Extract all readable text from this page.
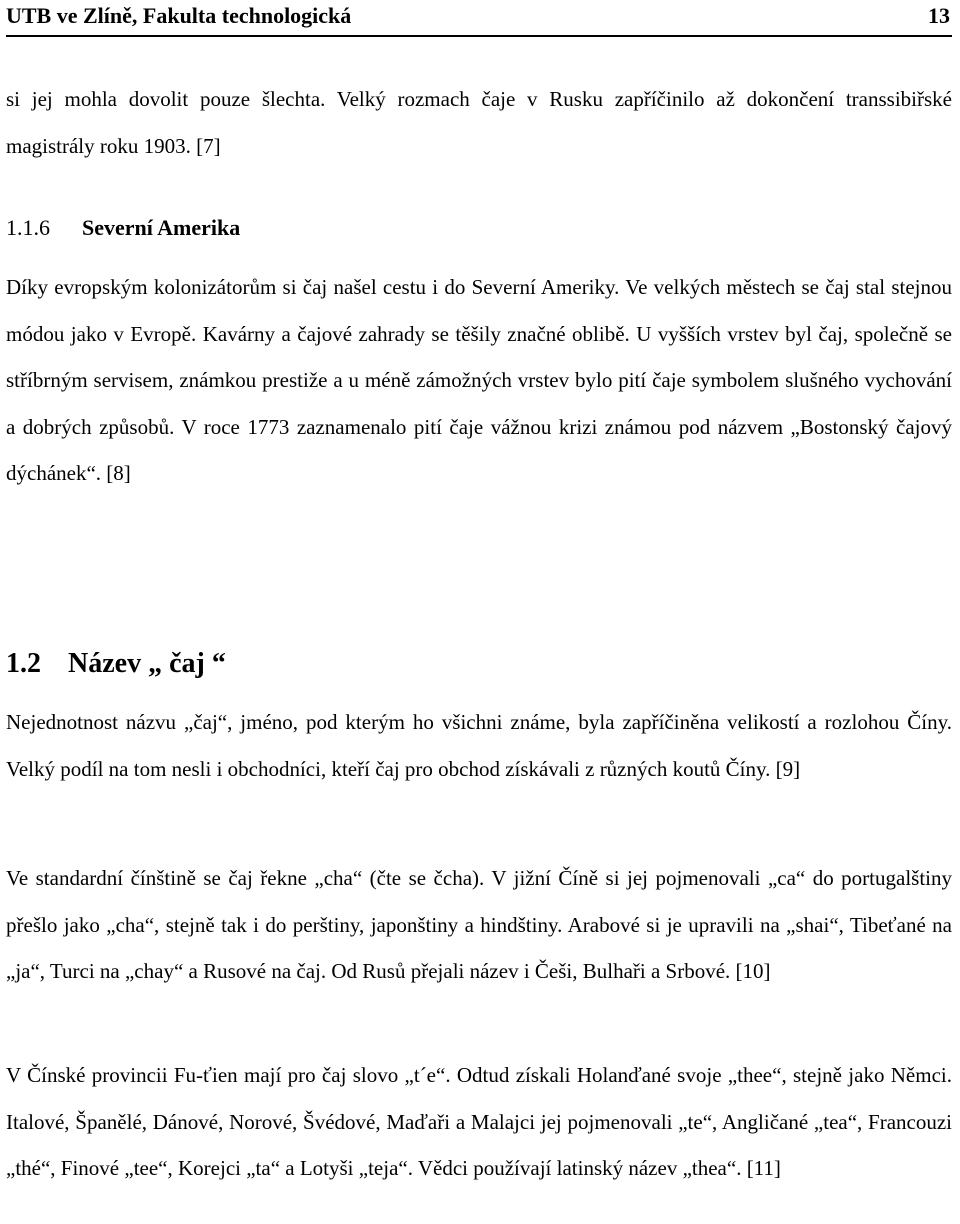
UTB ve Zlíně, Fakulta technologická	13

si jej mohla dovolit pouze šlechta. Velký rozmach čaje v Rusku zapříčinilo až dokončení transsibiřské magistrály roku 1903. [7]

1.1.6 Severní Amerika

Díky evropským kolonizátorům si čaj našel cestu i do Severní Ameriky. Ve velkých městech se čaj stal stejnou módou jako v Evropě. Kavárny a čajové zahrady se těšily značné oblibě. U vyšších vrstev byl čaj, společně se stříbrným servisem, známkou prestiže a u méně zámožných vrstev bylo pití čaje symbolem slušného vychování a dobrých způsobů. V roce 1773 zaznamenalo pití čaje vážnou krizi známou pod názvem „Bostonský čajový dýchánek“. [8]

1.2 Název „ čaj “

Nejednotnost názvu „čaj“, jméno, pod kterým ho všichni známe, byla zapříčiněna velikostí a rozlohou Číny. Velký podíl na tom nesli i obchodníci, kteří čaj pro obchod získávali z různých koutů Číny. [9]

Ve standardní čínštině se čaj řekne „cha“ (čte se čcha). V jižní Číně si jej pojmenovali „ca“ do portugalštiny přešlo jako „cha“, stejně tak i do perštiny, japonštiny a hindštiny. Arabové si je upravili na „shai“, Tibeťané na „ja“, Turci na „chay“ a Rusové na čaj. Od Rusů přejali název i Češi, Bulhaři a Srbové. [10]

V Čínské provincii Fu-ťien mají pro čaj slovo „t´e“. Odtud získali Holanďané svoje „thee“, stejně jako Němci. Italové, Španělé, Dánové, Norové, Švédové, Maďaři a Malajci jej pojmenovali „te“, Angličané „tea“, Francouzi „thé“, Finové „tee“, Korejci „ta“ a Lotyši „teja“. Vědci používají latinský název „thea“. [11]
